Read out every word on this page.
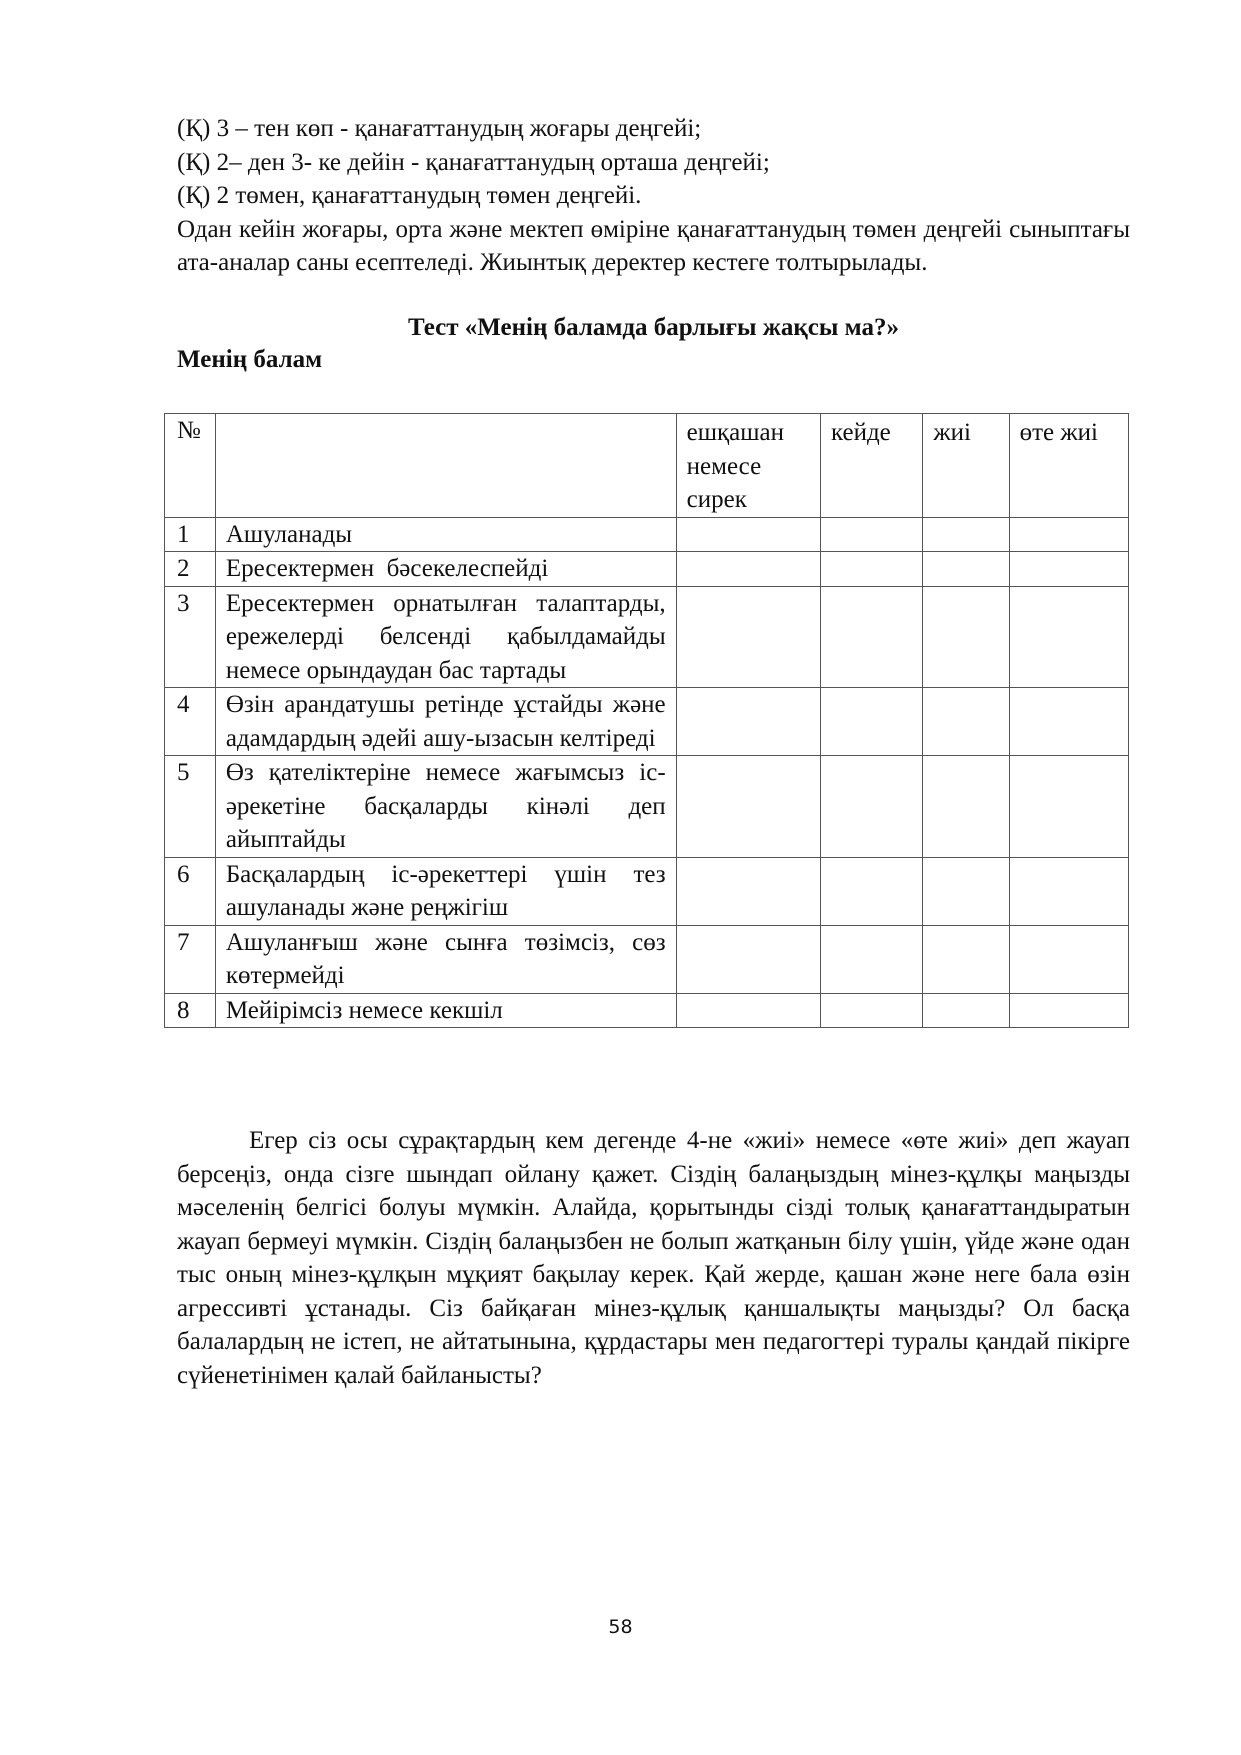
(Қ) 3 – тен көп - қанағаттанудың жоғары деңгейі;

(Қ) 2– ден 3- ке дейін - қанағаттанудың орташа деңгейі;

(Қ) 2 төмен, қанағаттанудың төмен деңгейі.

Одан кейін жоғары, орта және мектеп өміріне қанағаттанудың төмен деңгейі сыныптағы ата-аналар саны есептеледі. Жиынтық деректер кестеге толтырылады.

Тест «Менің баламда барлығы жақсы ма?»

Менің балам

№		ешқашан немесе сирек	кейде	жиі	өте жиі
1	Ашуланады				
2	Ересектермен  бәсекелеспейді				
3	Ересектермен орнатылған талаптарды, ережелерді белсенді қабылдамайды немесе орындаудан бас тартады				
4	Өзін арандатушы ретінде ұстайды және адамдардың әдейі ашу-ызасын келтіреді				
5	Өз қателіктеріне немесе жағымсыз іс-әрекетіне басқаларды кінәлі деп айыптайды				
6	Басқалардың іс-әрекеттері үшін тез ашуланады және реңжігіш				
7	Ашуланғыш және сынға төзімсіз, сөз көтермейді				
8	Мейірімсіз немесе кекшіл				

Егер сіз осы сұрақтардың кем дегенде 4-не «жиі» немесе «өте жиі» деп жауап берсеңіз, онда сізге шындап ойлану қажет. Сіздің балаңыздың мінез-құлқы маңызды мәселенің белгісі болуы мүмкін. Алайда, қорытынды сізді толық қанағаттандыратын жауап бермеуі мүмкін. Сіздің балаңызбен не болып жатқанын білу үшін, үйде және одан тыс оның мінез-құлқын мұқият бақылау керек. Қай жерде, қашан және неге бала өзін агрессивті ұстанады. Сіз байқаған мінез-құлық қаншалықты маңызды? Ол басқа балалардың не істеп, не айтатынына, құрдастары мен педагогтері туралы қандай пікірге сүйенетінімен қалай байланысты?

58
